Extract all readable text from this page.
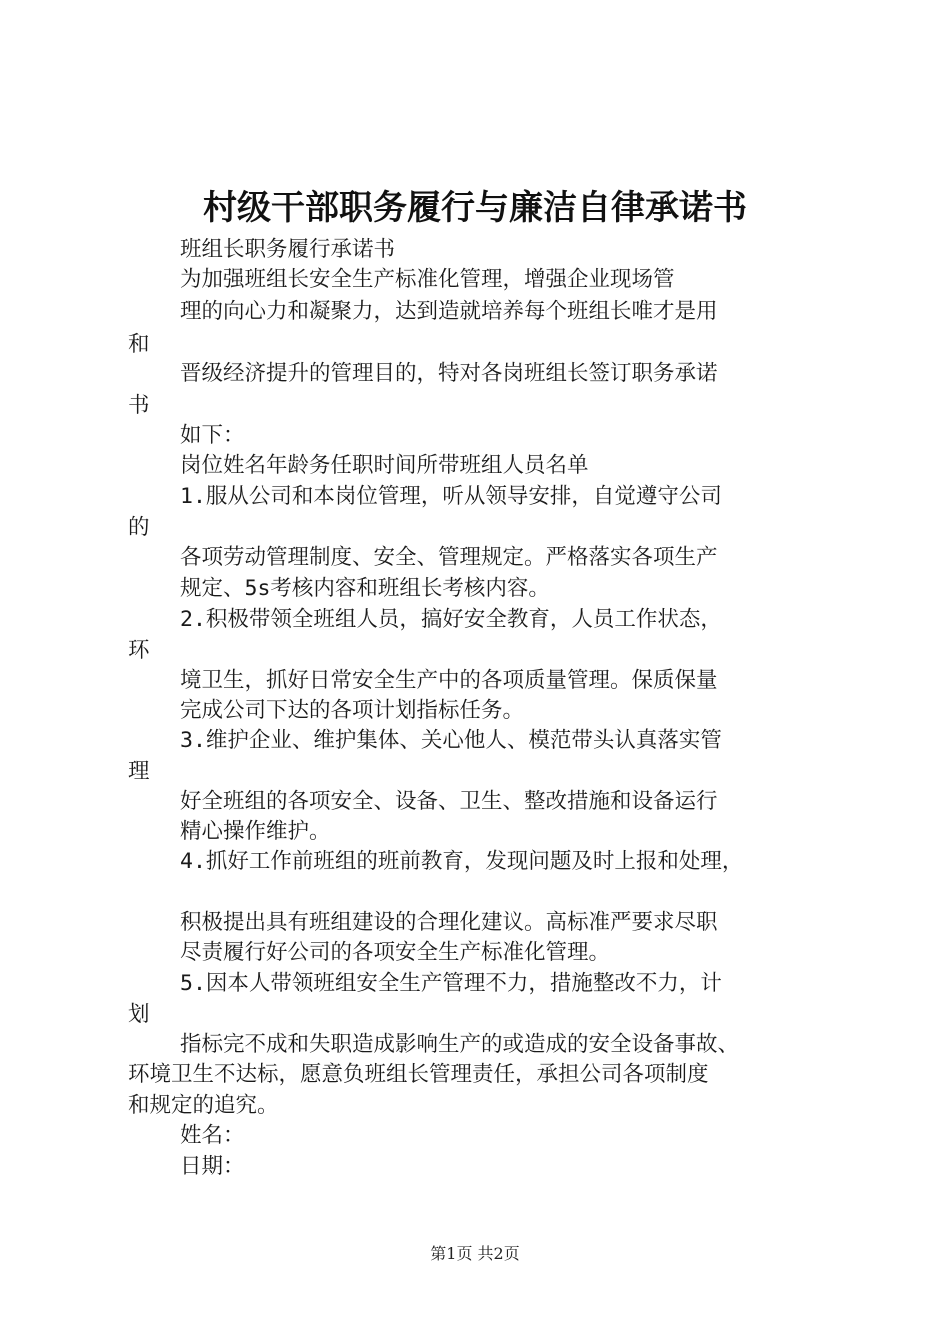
村级干部职务履行与廉洁自律承诺书
班组长职务履行承诺书
为加强班组长安全生产标准化管理，增强企业现场管
理的向心力和凝聚力，达到造就培养每个班组长唯才是用
和
晋级经济提升的管理目的，特对各岗班组长签订职务承诺
书
如下：
岗位姓名年龄务任职时间所带班组人员名单
1.服从公司和本岗位管理，听从领导安排，自觉遵守公司
的
各项劳动管理制度、安全、管理规定。严格落实各项生产
规定、5s考核内容和班组长考核内容。
2.积极带领全班组人员，搞好安全教育，人员工作状态，
环
境卫生，抓好日常安全生产中的各项质量管理。保质保量
完成公司下达的各项计划指标任务。
3.维护企业、维护集体、关心他人、模范带头认真落实管
理
好全班组的各项安全、设备、卫生、整改措施和设备运行
精心操作维护。
4.抓好工作前班组的班前教育，发现问题及时上报和处理，
积极提出具有班组建设的合理化建议。高标准严要求尽职
尽责履行好公司的各项安全生产标准化管理。
5.因本人带领班组安全生产管理不力，措施整改不力，计
划
指标完不成和失职造成影响生产的或造成的安全设备事故、
环境卫生不达标，愿意负班组长管理责任，承担公司各项制度
和规定的追究。
姓名：
日期：
第1页 共2页
